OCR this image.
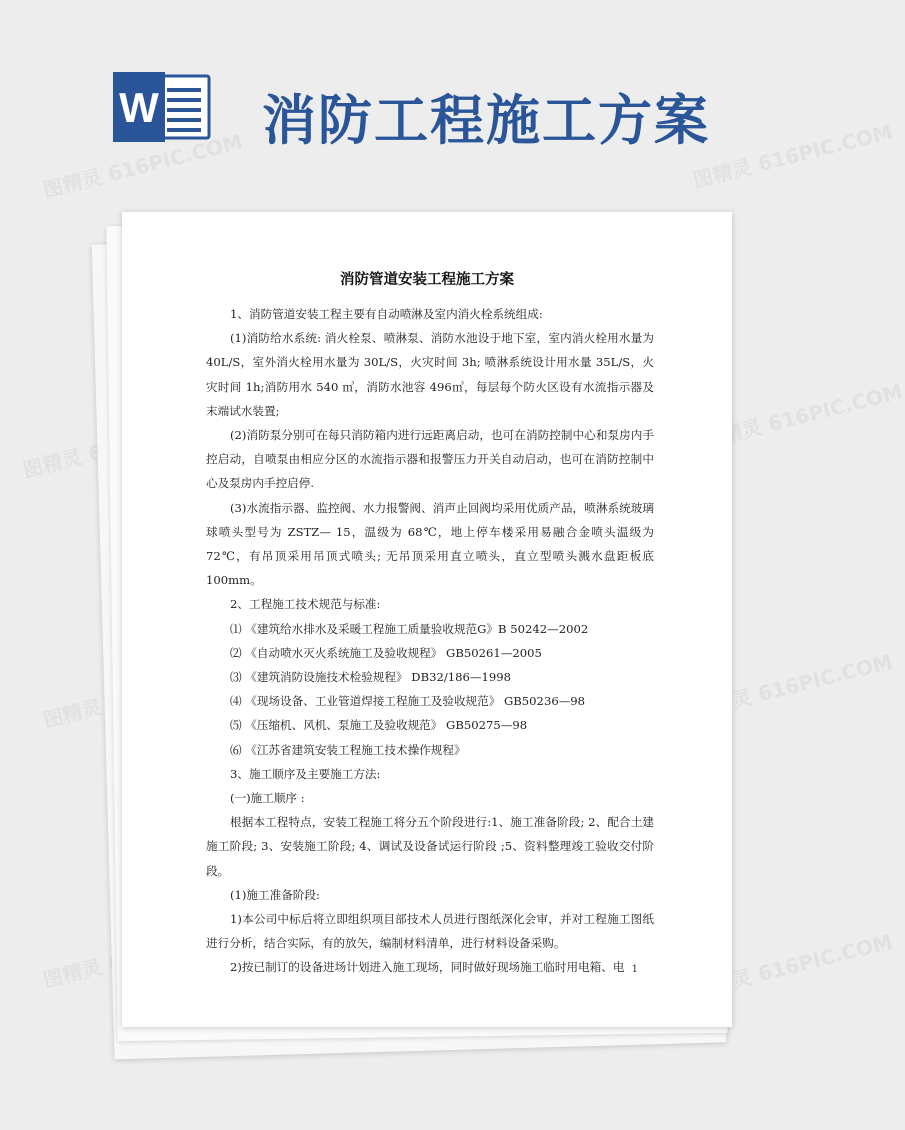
W 消防工程施工方案
图精灵 616PIC.COM	图精灵 616PIC.COM
图精灵
图精灵 616PIC.COM
图精灵	图精灵 616PIC.COM
图精灵	图精灵 616PIC.COM
消防管道安装工程施工方案

1、消防管道安装工程主要有自动喷淋及室内消火栓系统组成:

(1)消防给水系统: 消火栓泵、喷淋泵、消防水池设于地下室，室内消火栓用水量为 40L/S，室外消火栓用水量为 30L/S，火灾时间 3h; 喷淋系统设计用水量 35L/S，火灾时间 1h;消防用水 540 ㎥，消防水池容 496㎥，每层每个防火区设有水流指示器及末端试水装置;

(2)消防泵分别可在每只消防箱内进行远距离启动，也可在消防控制中心和泵房内手控启动，自喷泵由相应分区的水流指示器和报警压力开关自动启动，也可在消防控制中心及泵房内手控启停.

(3)水流指示器、监控阀、水力报警阀、消声止回阀均采用优质产品，喷淋系统玻璃球喷头型号为 ZSTZ— 15，温级为 68℃，地上停车楼采用易融合金喷头温级为 72℃，有吊顶采用吊顶式喷头; 无吊顶采用直立喷头，直立型喷头溅水盘距板底 100mm。

2、工程施工技术规范与标准:

⑴ 《建筑给水排水及采暖工程施工质量验收规范G》B 50242—2002

⑵ 《自动喷水灭火系统施工及验收规程》 GB50261—2005

⑶ 《建筑消防设施技术检验规程》 DB32/186—1998

⑷ 《现场设备、工业管道焊接工程施工及验收规范》 GB50236—98

⑸ 《压缩机、风机、泵施工及验收规范》 GB50275—98

⑹ 《江苏省建筑安装工程施工技术操作规程》

3、施工顺序及主要施工方法:

(一)施工顺序 :

根据本工程特点，安装工程施工将分五个阶段进行:1、施工准备阶段; 2、配合土建施工阶段; 3、安装施工阶段; 4、调试及设备试运行阶段 ;5、资料整理竣工验收交付阶段。

(1)施工准备阶段:

1)本公司中标后将立即组织项目部技术人员进行图纸深化会审，并对工程施工图纸进行分析，结合实际，有的放矢，编制材料清单，进行材料设备采购。

2)按已制订的设备进场计划进入施工现场，同时做好现场施工临时用电箱、电 1
